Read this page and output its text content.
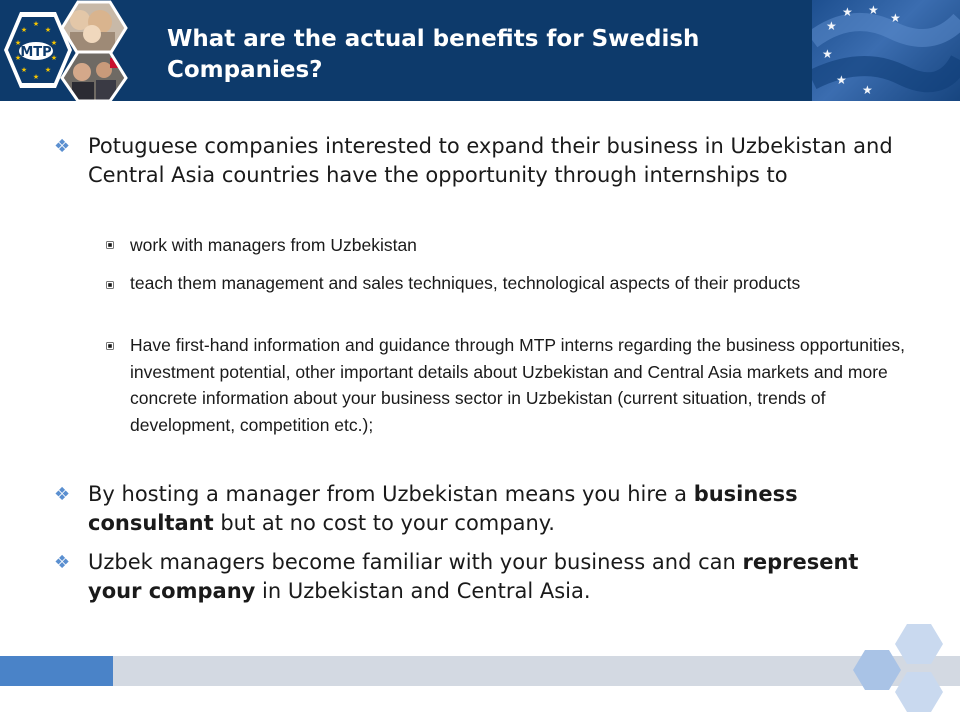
★
★	★
★	★
★	★
★	★
★
MTP
What are the actual benefits for Swedish Companies?
★
★ ★
★
★
★
★
❖ Potuguese companies interested to expand their business in Uzbekistan and Central Asia countries have the opportunity through internships to
work with managers from Uzbekistan
teach them management and sales techniques, technological aspects of their products
Have first-hand information and guidance through MTP interns regarding the business opportunities, investment potential, other important details about Uzbekistan and Central Asia markets and more concrete information about your business sector in Uzbekistan (current situation, trends of development, competition etc.);
❖ By hosting a manager from Uzbekistan means you hire a business consultant but at no cost to your company.
❖ Uzbek managers become familiar with your business and can represent your company in Uzbekistan and Central Asia.
